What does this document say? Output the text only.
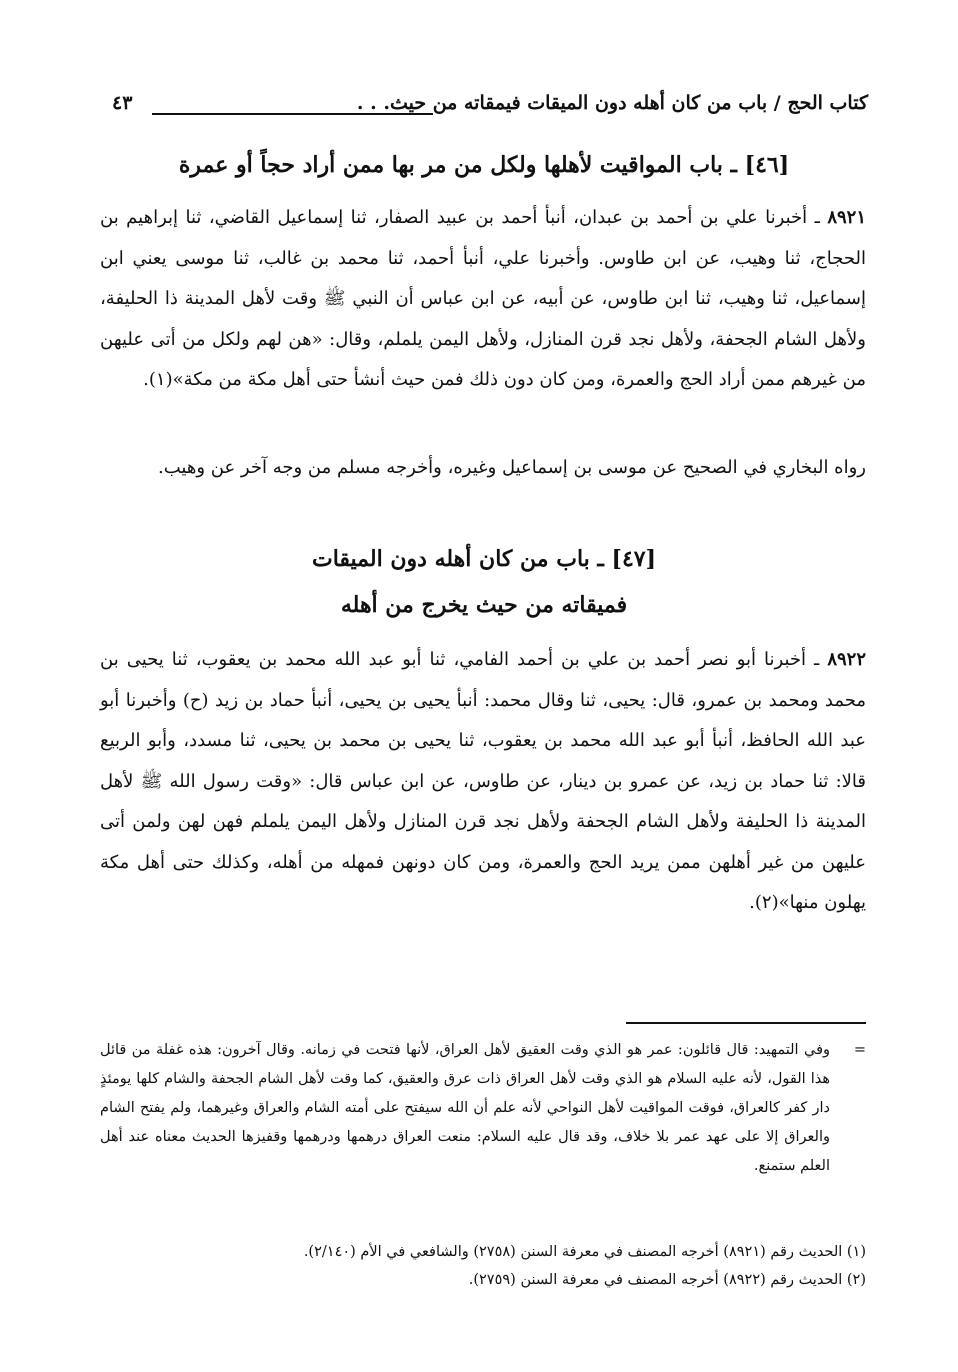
كتاب الحج / باب من كان أهله دون الميقات فيمقاته من حيث. . .
٤٣
[٤٦] ـ باب المواقيت لأهلها ولكل من مر بها ممن أراد حجاً أو عمرة
٨٩٢١ ـ أخبرنا علي بن أحمد بن عبدان، أنبأ أحمد بن عبيد الصفار، ثنا إسماعيل القاضي، ثنا إبراهيم بن الحجاج، ثنا وهيب، عن ابن طاوس. وأخبرنا علي، أنبأ أحمد، ثنا محمد بن غالب، ثنا موسى يعني ابن إسماعيل، ثنا وهيب، ثنا ابن طاوس، عن أبيه، عن ابن عباس أن النبي ﷺ وقت لأهل المدينة ذا الحليفة، ولأهل الشام الجحفة، ولأهل نجد قرن المنازل، ولأهل اليمن يلملم، وقال: «هن لهم ولكل من أتى عليهن من غيرهم ممن أراد الحج والعمرة، ومن كان دون ذلك فمن حيث أنشأ حتى أهل مكة من مكة»(١).
رواه البخاري في الصحيح عن موسى بن إسماعيل وغيره، وأخرجه مسلم من وجه آخر عن وهيب.
[٤٧] ـ باب من كان أهله دون الميقات
فميقاته من حيث يخرج من أهله
٨٩٢٢ ـ أخبرنا أبو نصر أحمد بن علي بن أحمد الفامي، ثنا أبو عبد الله محمد بن يعقوب، ثنا يحيى بن محمد ومحمد بن عمرو، قال: يحيى، ثنا وقال محمد: أنبأ يحيى بن يحيى، أنبأ حماد بن زيد (ح) وأخبرنا أبو عبد الله الحافظ، أنبأ أبو عبد الله محمد بن يعقوب، ثنا يحيى بن محمد بن يحيى، ثنا مسدد، وأبو الربيع قالا: ثنا حماد بن زيد، عن عمرو بن دينار، عن طاوس، عن ابن عباس قال: «وقت رسول الله ﷺ لأهل المدينة ذا الحليفة ولأهل الشام الجحفة ولأهل نجد قرن المنازل ولأهل اليمن يلملم فهن لهن ولمن أتى عليهن من غير أهلهن ممن يريد الحج والعمرة، ومن كان دونهن فمهله من أهله، وكذلك حتى أهل مكة يهلون منها»(٢).
=
وفي التمهيد: قال قائلون: عمر هو الذي وقت العقيق لأهل العراق، لأنها فتحت في زمانه. وقال آخرون: هذه غفلة من قائل هذا القول، لأنه عليه السلام هو الذي وقت لأهل العراق ذات عرق والعقيق، كما وقت لأهل الشام الجحفة والشام كلها يومئذٍ دار كفر كالعراق، فوقت المواقيت لأهل النواحي لأنه علم أن الله سيفتح على أمته الشام والعراق وغيرهما، ولم يفتح الشام والعراق إلا على عهد عمر بلا خلاف، وقد قال عليه السلام: منعت العراق درهمها ودرهمها وقفيزها الحديث معناه عند أهل العلم ستمنع.
(١) الحديث رقم (٨٩٢١) أخرجه المصنف في معرفة السنن (٢٧٥٨) والشافعي في الأم (٢/١٤٠).
(٢) الحديث رقم (٨٩٢٢) أخرجه المصنف في معرفة السنن (٢٧٥٩).
